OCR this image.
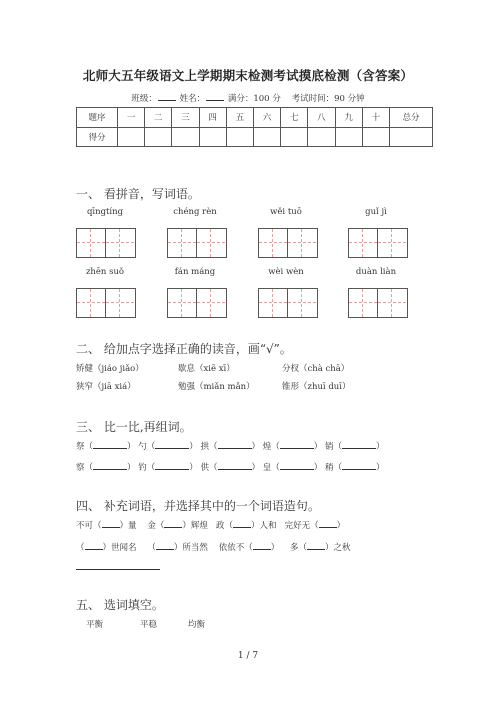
北师大五年级语文上学期期末检测考试摸底检测（含答案）
班级：	姓名：	满分：100 分 考试时间：90 分钟
题序	一	二	三	四	五	六	七	八	九	十	总分
得分											
一、 看拼音，写词语。
qīngtíng	chéng rèn	wěi tuō	guǐ jì
zhēn suǒ	fán máng	wèi wèn	duàn liàn
二、 给加点字选择正确的读音，画“√”。
矫健（jiáo jiǎo）	歇息（xiē xī）	分杈（chà chā）
狭窄（jiā xiá）	勉强（miǎn mǎn）	锥形（zhuī duī）
三、 比一比,再组词。
祭（	） 勺（	） 拱（	） 煌（	） 销（	）
察（	） 钓（	） 供（	） 皇（	） 稍（	）
四、 补充词语，并选择其中的一个词语造句。
不可（ ）量 金（ ）辉煌 政（ ）人和 完好无（ ）
（ ）世闻名 （ ）所当然 依依不（ ） 多（ ）之秋
五、 选词填空。
平衡	平稳	均衡
1 / 7
